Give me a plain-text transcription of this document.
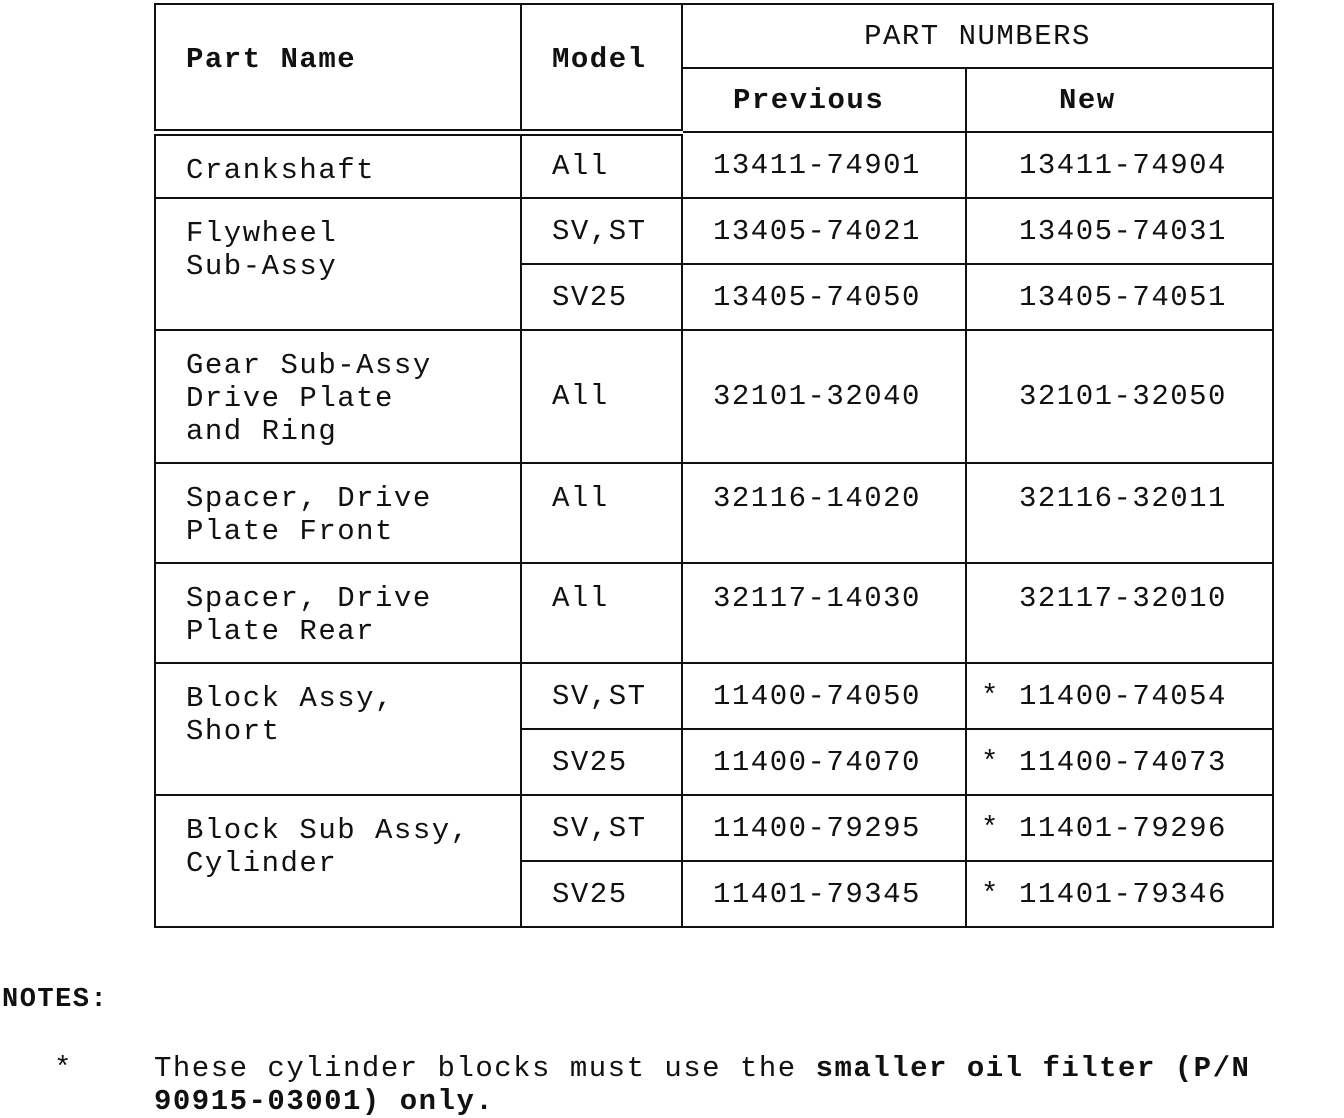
Part Name	Model	PART NUMBERS	
		Previous	New
Crankshaft	All	13411-74901	13411-74904
Flywheel
Sub-Assy	SV,ST	13405-74021	13405-74031
	SV25	13405-74050	13405-74051
Gear Sub-Assy
Drive Plate
and Ring	All	32101-32040	32101-32050
Spacer, Drive
Plate Front	All	32116-14020	32116-32011
Spacer, Drive
Plate Rear	All	32117-14030	32117-32010
Block Assy,
Short	SV,ST	11400-74050	* 11400-74054
	SV25	11400-74070	* 11400-74073
Block Sub Assy,
Cylinder	SV,ST	11400-79295	* 11401-79296
	SV25	11401-79345	* 11401-79346
NOTES:
*	These cylinder blocks must use the smaller oil filter (P/N
90915-03001) only.
